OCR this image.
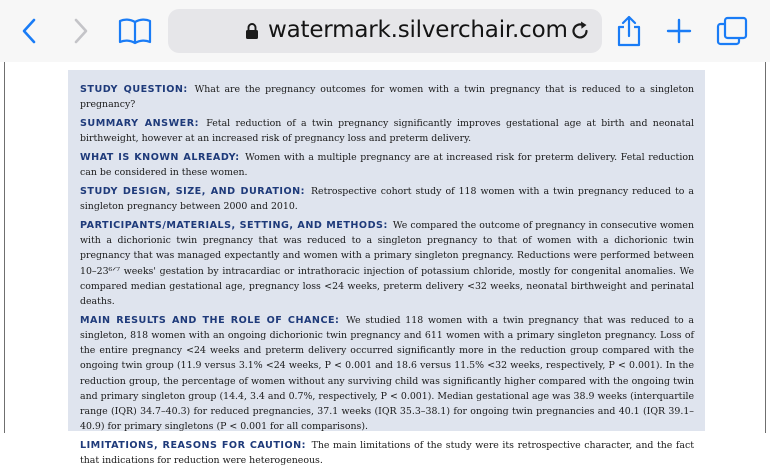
watermark.silverchair.com

STUDY QUESTION: What are the pregnancy outcomes for women with a twin pregnancy that is reduced to a singleton pregnancy?

SUMMARY ANSWER: Fetal reduction of a twin pregnancy significantly improves gestational age at birth and neonatal birthweight, however at an increased risk of pregnancy loss and preterm delivery.

WHAT IS KNOWN ALREADY: Women with a multiple pregnancy are at increased risk for preterm delivery. Fetal reduction can be considered in these women.

STUDY DESIGN, SIZE, AND DURATION: Retrospective cohort study of 118 women with a twin pregnancy reduced to a singleton pregnancy between 2000 and 2010.

PARTICIPANTS/MATERIALS, SETTING, AND METHODS: We compared the outcome of pregnancy in consecutive women with a dichorionic twin pregnancy that was reduced to a singleton pregnancy to that of women with a dichorionic twin pregnancy that was managed expectantly and women with a primary singleton pregnancy. Reductions were performed between 10–23⁶ᐟ⁷ weeks' gestation by intracardiac or intrathoracic injection of potassium chloride, mostly for congenital anomalies. We compared median gestational age, pregnancy loss <24 weeks, preterm delivery <32 weeks, neonatal birthweight and perinatal deaths.

MAIN RESULTS AND THE ROLE OF CHANCE: We studied 118 women with a twin pregnancy that was reduced to a singleton, 818 women with an ongoing dichorionic twin pregnancy and 611 women with a primary singleton pregnancy. Loss of the entire pregnancy <24 weeks and preterm delivery occurred significantly more in the reduction group compared with the ongoing twin group (11.9 versus 3.1% <24 weeks, P < 0.001 and 18.6 versus 11.5% <32 weeks, respectively, P < 0.001). In the reduction group, the percentage of women without any surviving child was significantly higher compared with the ongoing twin and primary singleton group (14.4, 3.4 and 0.7%, respectively, P < 0.001). Median gestational age was 38.9 weeks (interquartile range (IQR) 34.7–40.3) for reduced pregnancies, 37.1 weeks (IQR 35.3–38.1) for ongoing twin pregnancies and 40.1 (IQR 39.1–40.9) for primary singletons (P < 0.001 for all comparisons).

LIMITATIONS, REASONS FOR CAUTION: The main limitations of the study were its retrospective character, and the fact that indications for reduction were heterogeneous.
